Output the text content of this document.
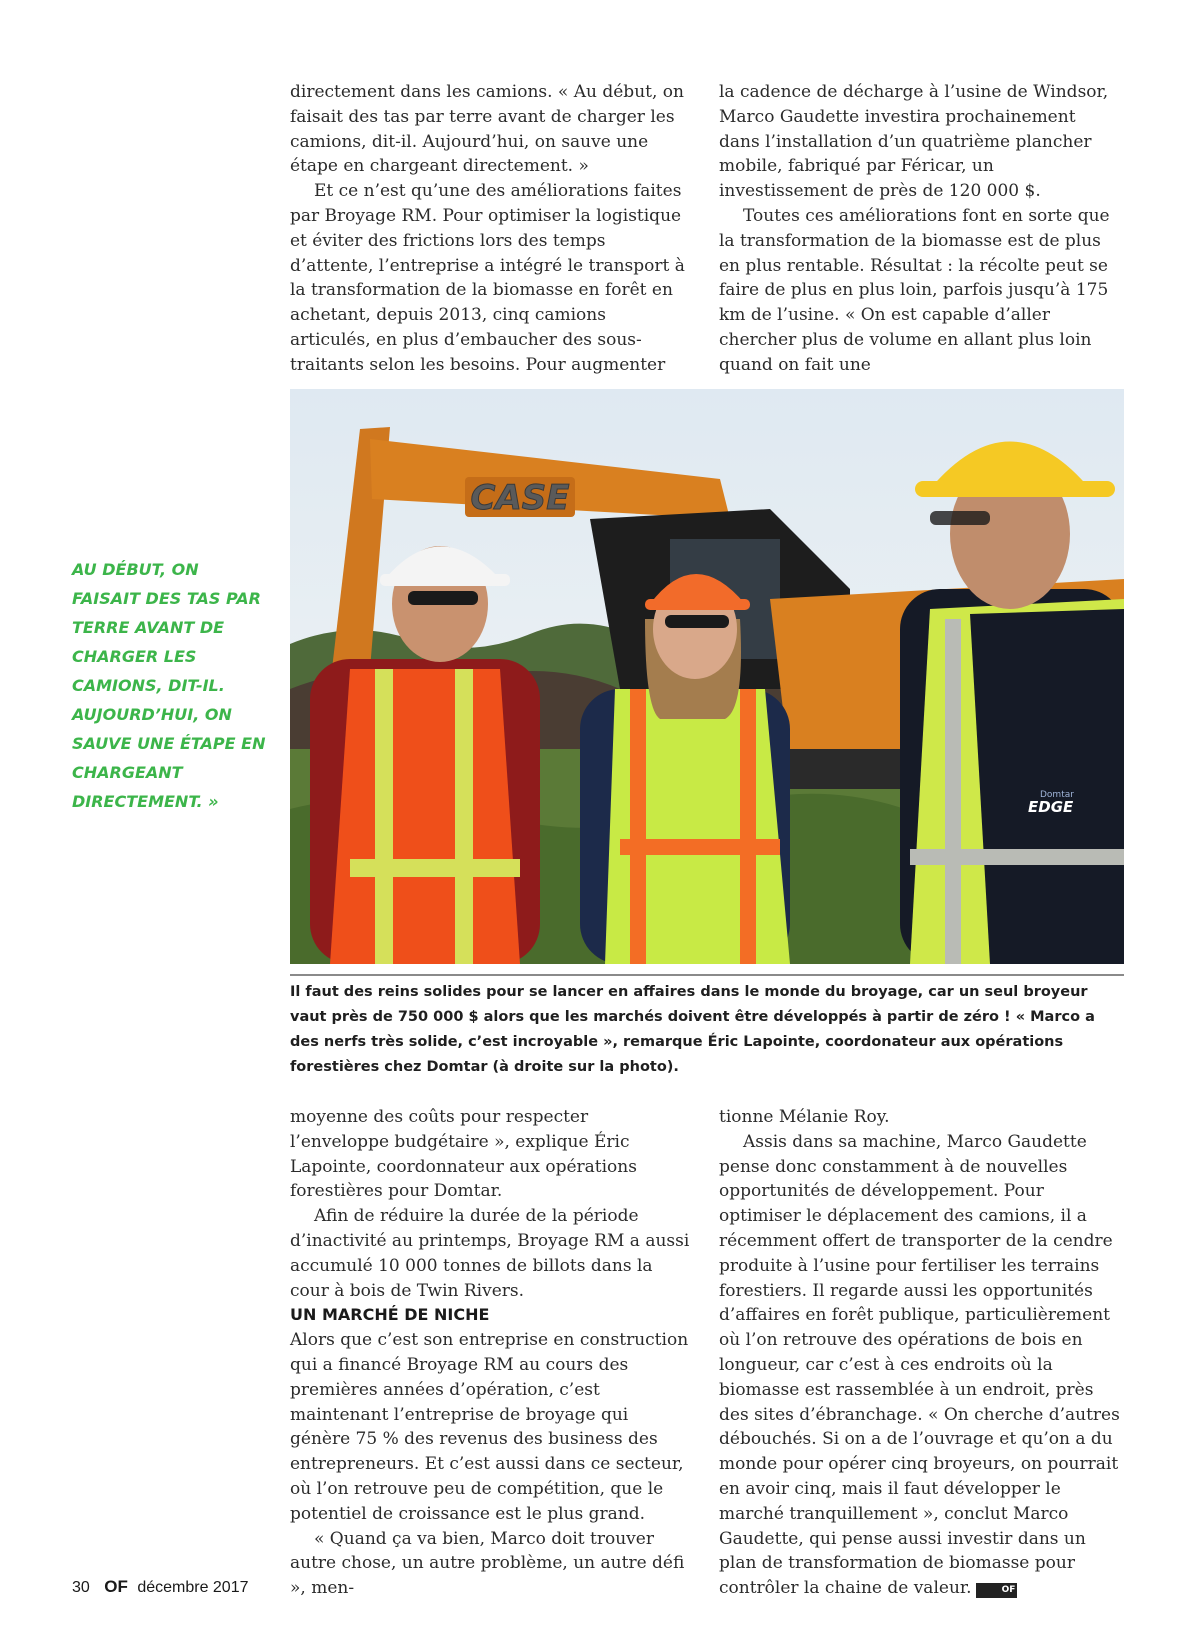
directement dans les camions. « Au début, on faisait des tas par terre avant de charger les camions, dit-il. Aujourd’hui, on sauve une étape en chargeant directement. »

Et ce n’est qu’une des améliorations faites par Broyage RM. Pour optimiser la logistique et éviter des frictions lors des temps d’attente, l’entreprise a intégré le transport à la transformation de la biomasse en forêt en achetant, depuis 2013, cinq camions articulés, en plus d’embaucher des sous-traitants selon les besoins. Pour augmenter

la cadence de décharge à l’usine de Windsor, Marco Gaudette investira prochainement dans l’installation d’un quatrième plancher mobile, fabriqué par Féricar, un investissement de près de 120 000 $.

Toutes ces améliorations font en sorte que la transformation de la biomasse est de plus en plus rentable. Résultat : la récolte peut se faire de plus en plus loin, parfois jusqu’à 175 km de l’usine. « On est capable d’aller chercher plus de volume en allant plus loin quand on fait une

AU DÉBUT, ON FAISAIT DES TAS PAR TERRE AVANT DE CHARGER LES CAMIONS, DIT-IL. AUJOURD’HUI, ON SAUVE UNE ÉTAPE EN CHARGEANT DIRECTEMENT. »
CASE
Domtar
EDGE
Il faut des reins solides pour se lancer en affaires dans le monde du broyage, car un seul broyeur vaut près de 750 000 $ alors que les marchés doivent être développés à partir de zéro ! « Marco a des nerfs très solide, c’est incroyable », remarque Éric Lapointe, coordonateur aux opérations forestières chez Domtar (à droite sur la photo).

moyenne des coûts pour respecter l’enveloppe budgétaire », explique Éric Lapointe, coordonnateur aux opérations forestières pour Domtar.

Afin de réduire la durée de la période d’inactivité au printemps, Broyage RM a aussi accumulé 10 000 tonnes de billots dans la cour à bois de Twin Rivers.

UN MARCHÉ DE NICHE

Alors que c’est son entreprise en construction qui a financé Broyage RM au cours des premières années d’opération, c’est maintenant l’entreprise de broyage qui génère 75 % des revenus des business des entrepreneurs. Et c’est aussi dans ce secteur, où l’on retrouve peu de compétition, que le potentiel de croissance est le plus grand.

« Quand ça va bien, Marco doit trouver autre chose, un autre problème, un autre défi », men-

tionne Mélanie Roy.

Assis dans sa machine, Marco Gaudette pense donc constamment à de nouvelles opportunités de développement. Pour optimiser le déplacement des camions, il a récemment offert de transporter de la cendre produite à l’usine pour fertiliser les terrains forestiers. Il regarde aussi les opportunités d’affaires en forêt publique, particulièrement où l’on retrouve des opérations de bois en longueur, car c’est à ces endroits où la biomasse est rassemblée à un endroit, près des sites d’ébranchage. « On cherche d’autres débouchés. Si on a de l’ouvrage et qu’on a du monde pour opérer cinq broyeurs, on pourrait en avoir cinq, mais il faut développer le marché tranquillement », conclut Marco Gaudette, qui pense aussi investir dans un plan de transformation de biomasse pour contrôler la chaine de valeur.	OF

30 OF décembre 2017
